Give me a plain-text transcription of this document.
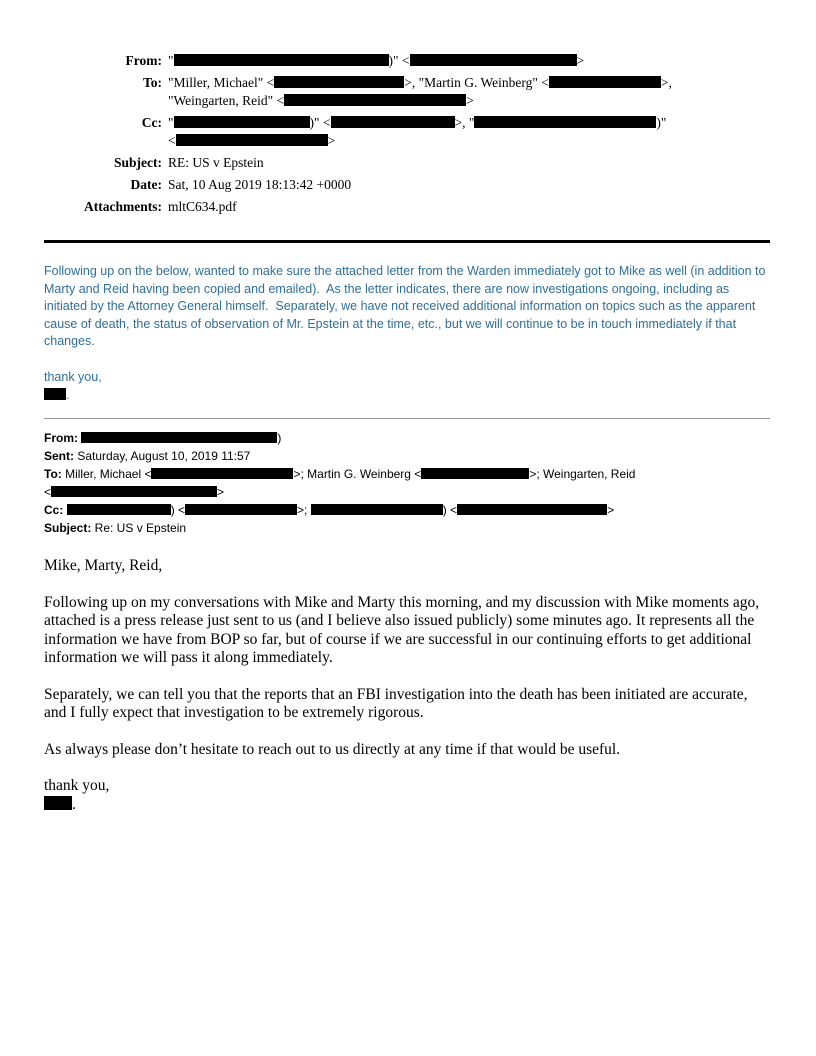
From: "	)" <	>
To: "Miller, Michael" <	>, "Martin G. Weinberg" <	>,
"Weingarten, Reid" <	>
Cc: "	)" <	>, "	)"
<	>
Subject: RE: US v Epstein
Date: Sat, 10 Aug 2019 18:13:42 +0000
Attachments: mltC634.pdf

Following up on the below, wanted to make sure the attached letter from the Warden immediately got to Mike as well (in addition to Marty and Reid having been copied and emailed).  As the letter indicates, there are now investigations ongoing, including as initiated by the Attorney General himself.  Separately, we have not received additional information on topics such as the apparent cause of death, the status of observation of Mr. Epstein at the time, etc., but we will continue to be in touch immediately if that changes.

thank you,

.

From:	)
Sent: Saturday, August 10, 2019 11:57
To: Miller, Michael <	>; Martin G. Weinberg <	>; Weingarten, Reid
<	>
Cc:	) <	>;	) <	>
Subject: Re: US v Epstein

Mike, Marty, Reid,

Following up on my conversations with Mike and Marty this morning, and my discussion with Mike moments ago, attached is a press release just sent to us (and I believe also issued publicly) some minutes ago. It represents all the information we have from BOP so far, but of course if we are successful in our continuing efforts to get additional information we will pass it along immediately.

Separately, we can tell you that the reports that an FBI investigation into the death has been initiated are accurate, and I fully expect that investigation to be extremely rigorous.

As always please don’t hesitate to reach out to us directly at any time if that would be useful.

thank you,

.
